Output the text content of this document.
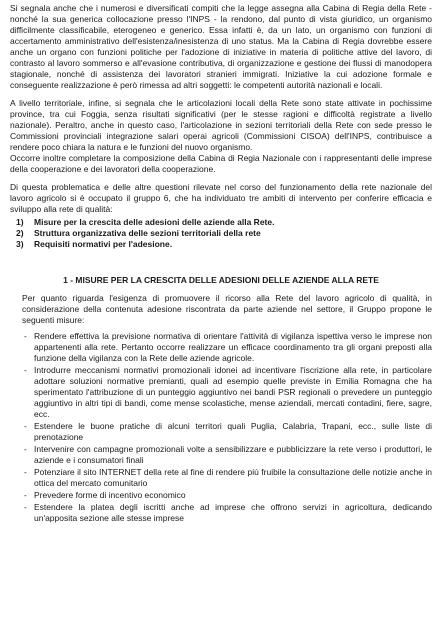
Si segnala anche che i numerosi e diversificati compiti che la legge assegna alla Cabina di Regia della Rete - nonché la sua generica collocazione presso l'INPS - la rendono, dal punto di vista giuridico, un organismo difficilmente classificabile, eterogeneo e generico. Essa infatti è, da un lato, un organismo con funzioni di accertamento amministrativo dell'esistenza/inesistenza di uno status. Ma la Cabina di Regia dovrebbe essere anche un organo con funzioni politiche per l'adozione di iniziative in materia di politiche attive del lavoro, di contrasto al lavoro sommerso e all'evasione contributiva, di organizzazione e gestione dei flussi di manodopera stagionale, nonché di assistenza dei lavoratori stranieri immigrati. Iniziative la cui adozione formale e conseguente realizzazione è però rimessa ad altri soggetti: le competenti autorità nazionali e locali.

A livello territoriale, infine, si segnala che le articolazioni locali della Rete sono state attivate in pochissime province, tra cui Foggia, senza risultati significativi (per le stesse ragioni e difficoltà registrate a livello nazionale). Peraltro, anche in questo caso, l'articolazione in sezioni territoriali della Rete con sede presso le Commissioni provinciali integrazione salari operai agricoli (Commissioni CISOA) dell'INPS, contribuisce a rendere poco chiara la natura e le funzioni del nuovo organismo.

Occorre inoltre completare la composizione della Cabina di Regia Nazionale con i rappresentanti delle imprese della cooperazione e dei lavoratori della cooperazione.

Di questa problematica e delle altre questioni rilevate nel corso del funzionamento della rete nazionale del lavoro agricolo si è occupato il gruppo 6, che ha individuato tre ambiti di intervento per conferire efficacia e sviluppo alla rete di qualità:

1)	Misure per la crescita delle adesioni delle aziende alla Rete.
2)	Struttura organizzativa delle sezioni territoriali della rete
3)	Requisiti normativi per l'adesione.
1 - MISURE PER LA CRESCITA DELLE ADESIONI DELLE AZIENDE ALLA RETE

Per quanto riguarda l'esigenza di promuovere il ricorso alla Rete del lavoro agricolo di qualità, in considerazione della contenuta adesione riscontrata da parte aziende nel settore, il Gruppo propone le seguenti misure:

- Rendere effettiva la previsione normativa di orientare l'attività di vigilanza ispettiva verso le imprese non appartenenti alla rete. Pertanto occorre realizzare un efficace coordinamento tra gli organi preposti alla funzione della vigilanza con la Rete delle aziende agricole.
- Introdurre meccanismi normativi promozionali idonei ad incentivare l'iscrizione alla rete, in particolare adottare soluzioni normative premianti, quali ad esempio quelle previste in Emilia Romagna che ha sperimentato l'attribuzione di un punteggio aggiuntivo nei bandi PSR regionali o prevedere un punteggio aggiuntivo in altri tipi di bandi, come mense scolastiche, mense aziendali, mercati contadini, fiere, sagre, ecc.
- Estendere le buone pratiche di alcuni territori quali Puglia, Calabria, Trapani, ecc., sulle liste di prenotazione
- Intervenire con campagne promozionali volte a sensibilizzare e pubblicizzare la rete verso i produttori, le aziende e i consumatori finali
- Potenziare il sito INTERNET della rete al fine di rendere più fruibile la consultazione delle notizie anche in ottica del mercato comunitario
- Prevedere forme di incentivo economico
- Estendere la platea degli iscritti anche ad imprese che offrono servizi in agricoltura, dedicando un'apposita sezione alle stesse imprese
